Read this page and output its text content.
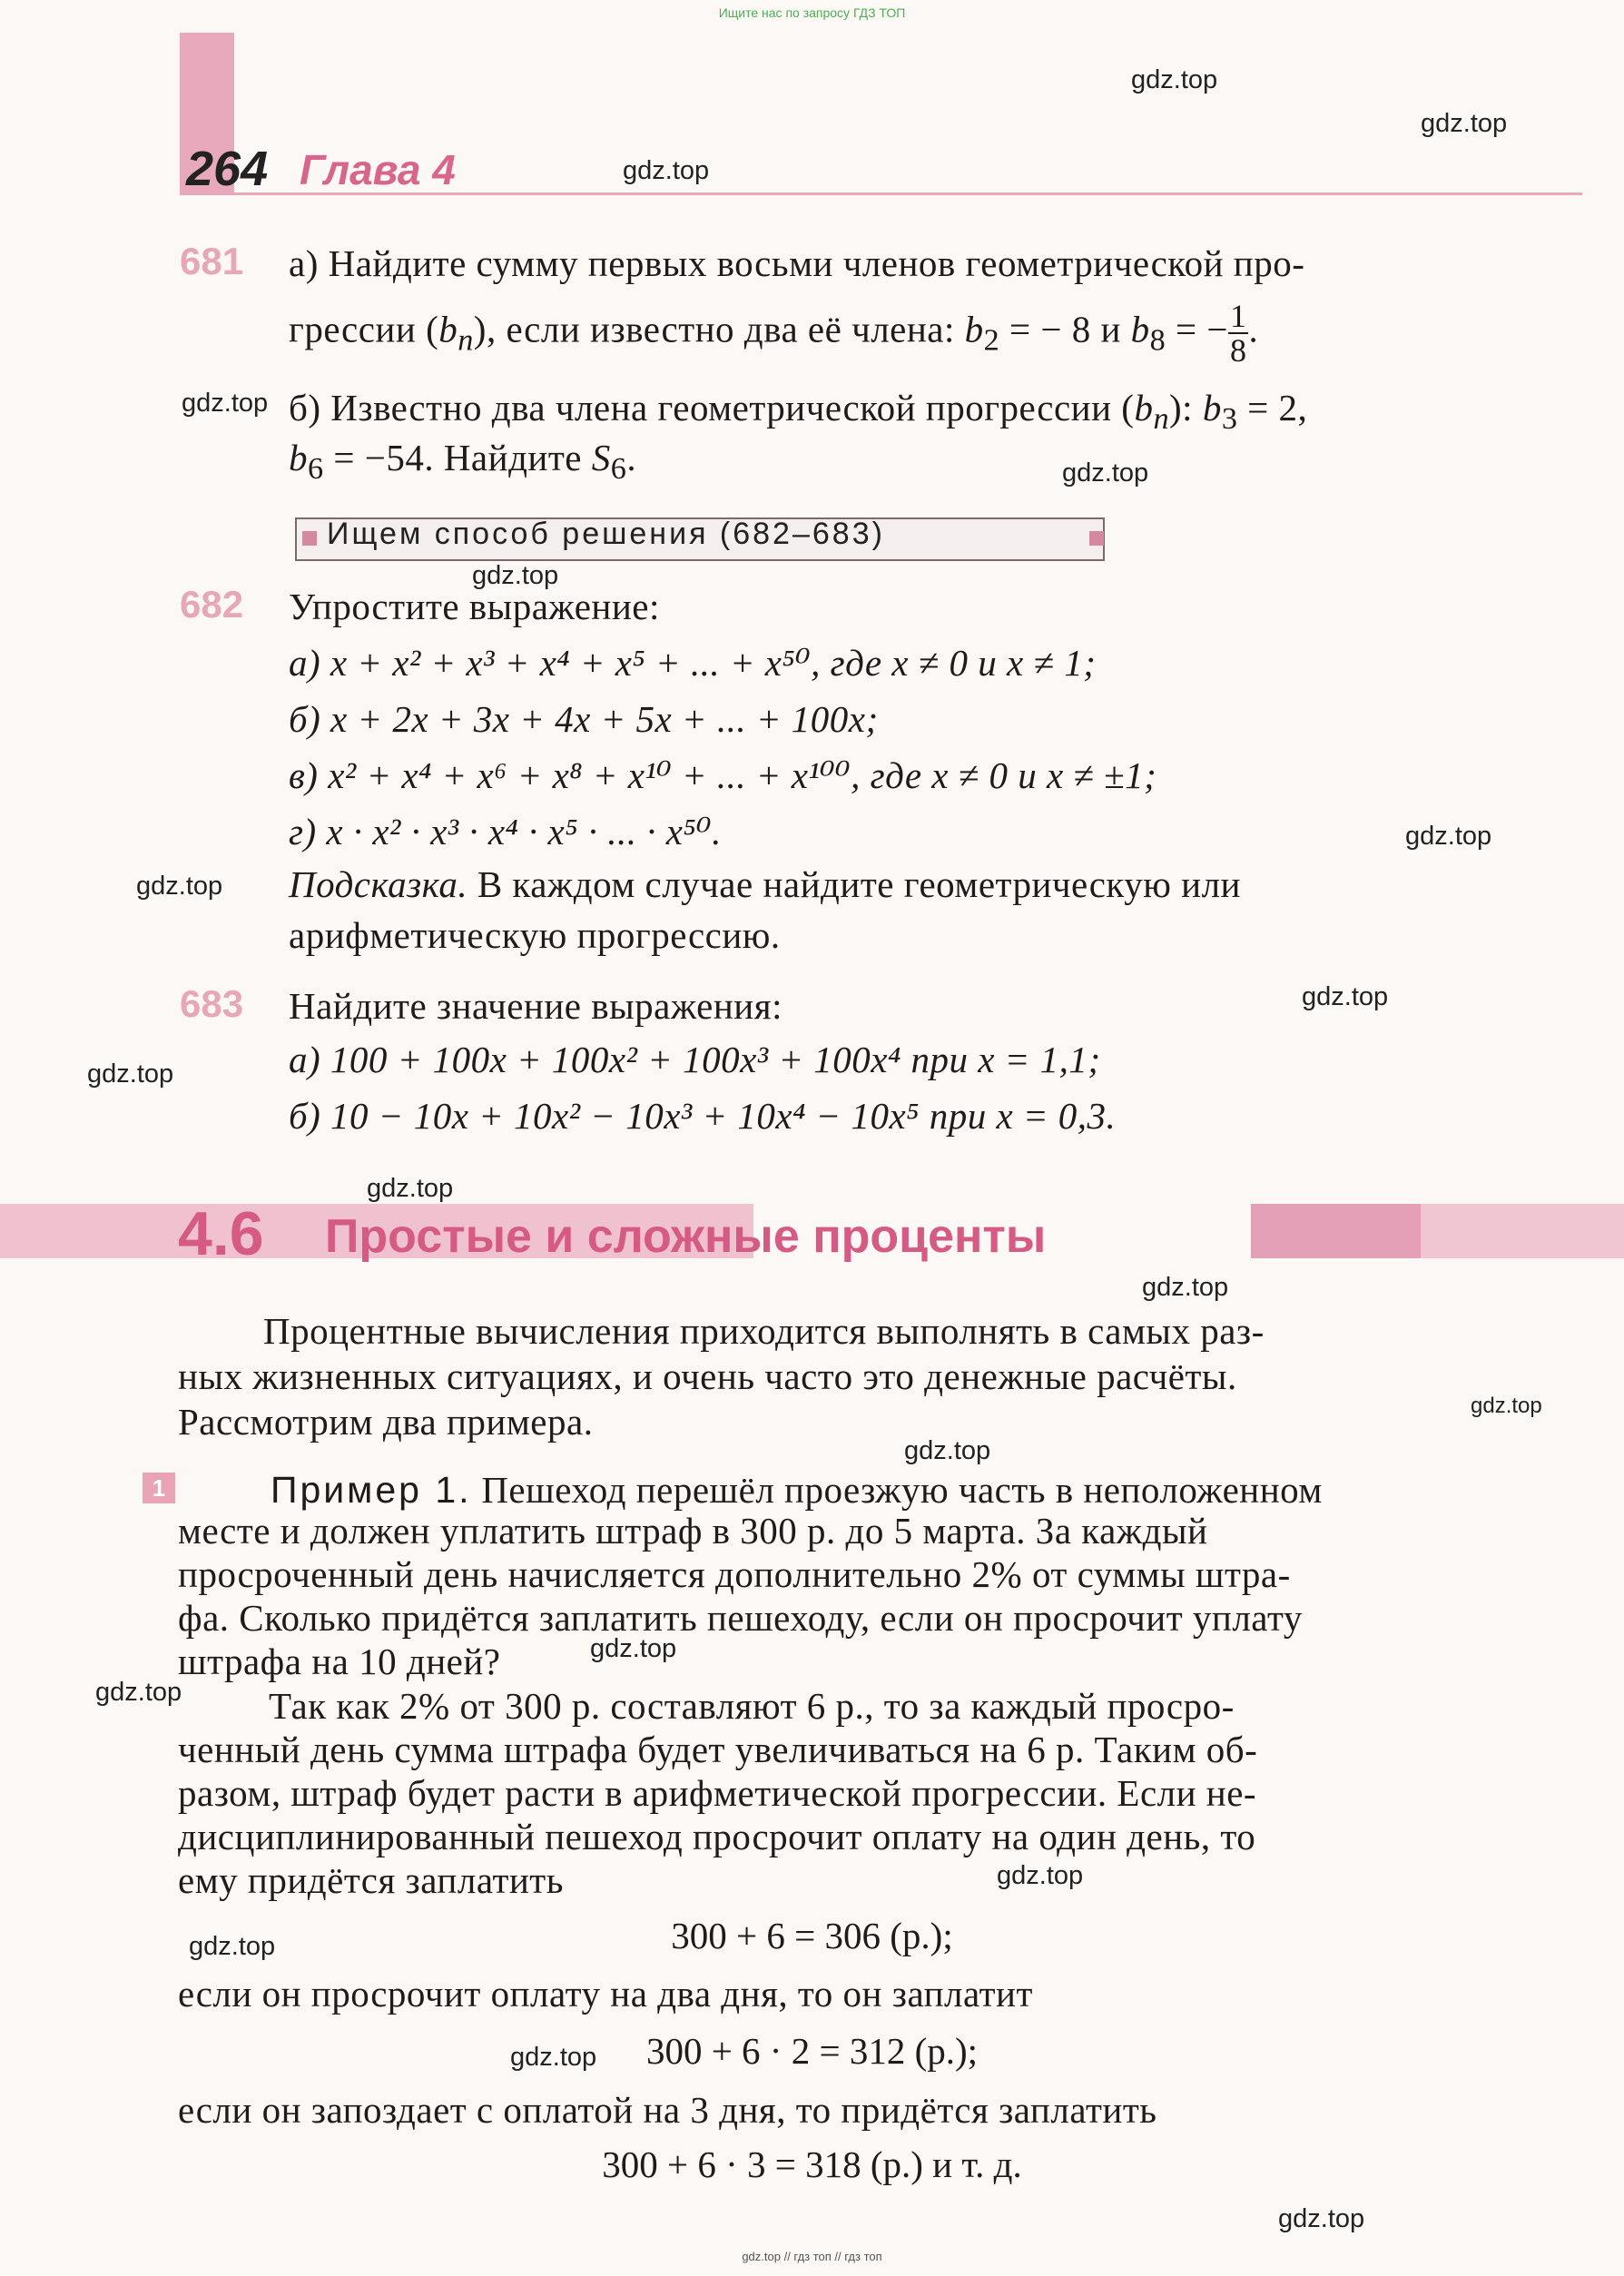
Ищите нас по запросу ГДЗ ТОП
264 Глава 4
gdz.top
gdz.top
gdz.top
gdz.top
gdz.top
gdz.top
gdz.top
gdz.top
gdz.top
gdz.top
gdz.top
gdz.top
gdz.top
gdz.top
gdz.top
gdz.top
gdz.top
gdz.top
gdz.top
gdz.top
681 а) Найдите сумму первых восьми членов геометрической про-
грессии $(b_n)$, если известно два её члена: $b_2$ = − 8 и $b_8$ = − $\frac{1}{8}$ .
б) Известно два члена геометрической прогрессии $(b_n)$: $b_3 = 2$,
$b_6 = -54$. Найдите $S_6$.
Ищем способ решения (682–683)
682 Упростите выражение:
а) x + x² + x³ + x⁴ + x⁵ + ... + x⁵⁰, где x ≠ 0 и x ≠ 1;
б) x + 2x + 3x + 4x + 5x + ... + 100x;
в) x² + x⁴ + x⁶ + x⁸ + x¹⁰ + ... + x¹⁰⁰, где x ≠ 0 и x ≠ ±1;
г) x · x² · x³ · x⁴ · x⁵ · ... · x⁵⁰.
Подсказка. В каждом случае найдите геометрическую или
арифметическую прогрессию.
683 Найдите значение выражения:
а) 100 + 100x + 100x² + 100x³ + 100x⁴ при x = 1,1;
б) 10 − 10x + 10x² − 10x³ + 10x⁴ − 10x⁵ при x = 0,3.
4.6 Простые и сложные проценты
Процентные вычисления приходится выполнять в самых раз-
ных жизненных ситуациях, и очень часто это денежные расчёты.
Рассмотрим два примера.
1	Пример 1. Пешеход перешёл проезжую часть в неположенном
месте и должен уплатить штраф в 300 р. до 5 марта. За каждый
просроченный день начисляется дополнительно 2% от суммы штра-
фа. Сколько придётся заплатить пешеходу, если он просрочит уплату
штрафа на 10 дней?
Так как 2% от 300 р. составляют 6 р., то за каждый просро-
ченный день сумма штрафа будет увеличиваться на 6 р. Таким об-
разом, штраф будет расти в арифметической прогрессии. Если не-
дисциплинированный пешеход просрочит оплату на один день, то
ему придётся заплатить
300 + 6 = 306 (р.);
если он просрочит оплату на два дня, то он заплатит
300 + 6 · 2 = 312 (р.);
если он запоздает с оплатой на 3 дня, то придётся заплатить
300 + 6 · 3 = 318 (р.) и т. д.
gdz.top // гдз топ // гдз топ
